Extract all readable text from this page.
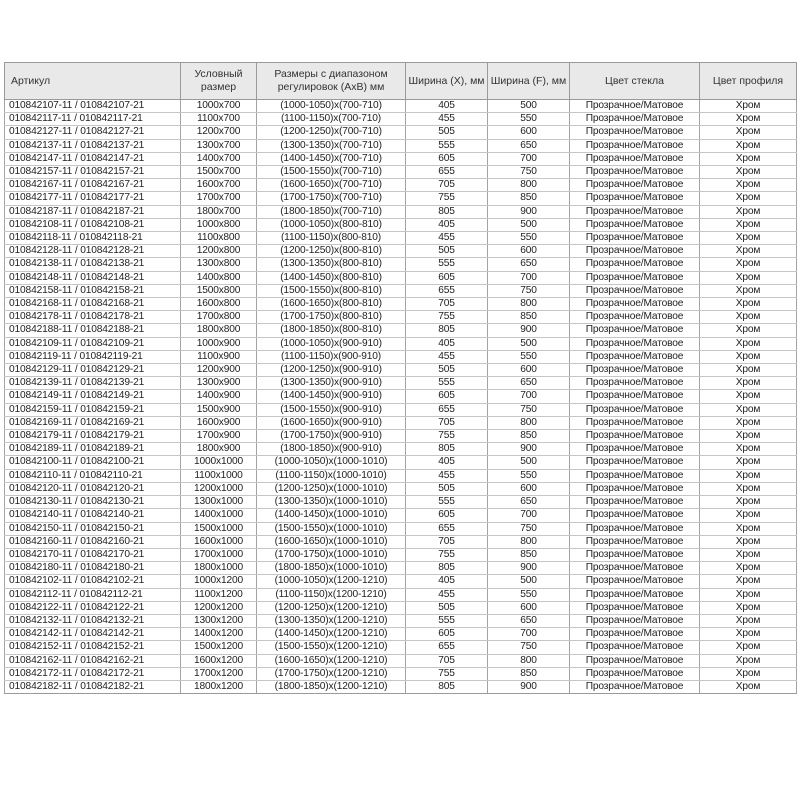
Артикул	Условный размер	Размеры с диапазоном регулировок (AxB) мм	Ширина (X), мм	Ширина (F), мм	Цвет стекла	Цвет профиля
010842107-11 / 010842107-21	1000x700	(1000-1050)x(700-710)	405	500	Прозрачное/Матовое	Хром
010842117-11 / 010842117-21	1100x700	(1100-1150)x(700-710)	455	550	Прозрачное/Матовое	Хром
010842127-11 / 010842127-21	1200x700	(1200-1250)x(700-710)	505	600	Прозрачное/Матовое	Хром
010842137-11 / 010842137-21	1300x700	(1300-1350)x(700-710)	555	650	Прозрачное/Матовое	Хром
010842147-11 / 010842147-21	1400x700	(1400-1450)x(700-710)	605	700	Прозрачное/Матовое	Хром
010842157-11 / 010842157-21	1500x700	(1500-1550)x(700-710)	655	750	Прозрачное/Матовое	Хром
010842167-11 / 010842167-21	1600x700	(1600-1650)x(700-710)	705	800	Прозрачное/Матовое	Хром
010842177-11 / 010842177-21	1700x700	(1700-1750)x(700-710)	755	850	Прозрачное/Матовое	Хром
010842187-11 / 010842187-21	1800x700	(1800-1850)x(700-710)	805	900	Прозрачное/Матовое	Хром
010842108-11 / 010842108-21	1000x800	(1000-1050)x(800-810)	405	500	Прозрачное/Матовое	Хром
010842118-11 / 010842118-21	1100x800	(1100-1150)x(800-810)	455	550	Прозрачное/Матовое	Хром
010842128-11 / 010842128-21	1200x800	(1200-1250)x(800-810)	505	600	Прозрачное/Матовое	Хром
010842138-11 / 010842138-21	1300x800	(1300-1350)x(800-810)	555	650	Прозрачное/Матовое	Хром
010842148-11 / 010842148-21	1400x800	(1400-1450)x(800-810)	605	700	Прозрачное/Матовое	Хром
010842158-11 / 010842158-21	1500x800	(1500-1550)x(800-810)	655	750	Прозрачное/Матовое	Хром
010842168-11 / 010842168-21	1600x800	(1600-1650)x(800-810)	705	800	Прозрачное/Матовое	Хром
010842178-11 / 010842178-21	1700x800	(1700-1750)x(800-810)	755	850	Прозрачное/Матовое	Хром
010842188-11 / 010842188-21	1800x800	(1800-1850)x(800-810)	805	900	Прозрачное/Матовое	Хром
010842109-11 / 010842109-21	1000x900	(1000-1050)x(900-910)	405	500	Прозрачное/Матовое	Хром
010842119-11 / 010842119-21	1100x900	(1100-1150)x(900-910)	455	550	Прозрачное/Матовое	Хром
010842129-11 / 010842129-21	1200x900	(1200-1250)x(900-910)	505	600	Прозрачное/Матовое	Хром
010842139-11 / 010842139-21	1300x900	(1300-1350)x(900-910)	555	650	Прозрачное/Матовое	Хром
010842149-11 / 010842149-21	1400x900	(1400-1450)x(900-910)	605	700	Прозрачное/Матовое	Хром
010842159-11 / 010842159-21	1500x900	(1500-1550)x(900-910)	655	750	Прозрачное/Матовое	Хром
010842169-11 / 010842169-21	1600x900	(1600-1650)x(900-910)	705	800	Прозрачное/Матовое	Хром
010842179-11 / 010842179-21	1700x900	(1700-1750)x(900-910)	755	850	Прозрачное/Матовое	Хром
010842189-11 / 010842189-21	1800x900	(1800-1850)x(900-910)	805	900	Прозрачное/Матовое	Хром
010842100-11 / 010842100-21	1000x1000	(1000-1050)x(1000-1010)	405	500	Прозрачное/Матовое	Хром
010842110-11 / 010842110-21	1100x1000	(1100-1150)x(1000-1010)	455	550	Прозрачное/Матовое	Хром
010842120-11 / 010842120-21	1200x1000	(1200-1250)x(1000-1010)	505	600	Прозрачное/Матовое	Хром
010842130-11 / 010842130-21	1300x1000	(1300-1350)x(1000-1010)	555	650	Прозрачное/Матовое	Хром
010842140-11 / 010842140-21	1400x1000	(1400-1450)x(1000-1010)	605	700	Прозрачное/Матовое	Хром
010842150-11 / 010842150-21	1500x1000	(1500-1550)x(1000-1010)	655	750	Прозрачное/Матовое	Хром
010842160-11 / 010842160-21	1600x1000	(1600-1650)x(1000-1010)	705	800	Прозрачное/Матовое	Хром
010842170-11 / 010842170-21	1700x1000	(1700-1750)x(1000-1010)	755	850	Прозрачное/Матовое	Хром
010842180-11 / 010842180-21	1800x1000	(1800-1850)x(1000-1010)	805	900	Прозрачное/Матовое	Хром
010842102-11 / 010842102-21	1000x1200	(1000-1050)x(1200-1210)	405	500	Прозрачное/Матовое	Хром
010842112-11 / 010842112-21	1100x1200	(1100-1150)x(1200-1210)	455	550	Прозрачное/Матовое	Хром
010842122-11 / 010842122-21	1200x1200	(1200-1250)x(1200-1210)	505	600	Прозрачное/Матовое	Хром
010842132-11 / 010842132-21	1300x1200	(1300-1350)x(1200-1210)	555	650	Прозрачное/Матовое	Хром
010842142-11 / 010842142-21	1400x1200	(1400-1450)x(1200-1210)	605	700	Прозрачное/Матовое	Хром
010842152-11 / 010842152-21	1500x1200	(1500-1550)x(1200-1210)	655	750	Прозрачное/Матовое	Хром
010842162-11 / 010842162-21	1600x1200	(1600-1650)x(1200-1210)	705	800	Прозрачное/Матовое	Хром
010842172-11 / 010842172-21	1700x1200	(1700-1750)x(1200-1210)	755	850	Прозрачное/Матовое	Хром
010842182-11 / 010842182-21	1800x1200	(1800-1850)x(1200-1210)	805	900	Прозрачное/Матовое	Хром
